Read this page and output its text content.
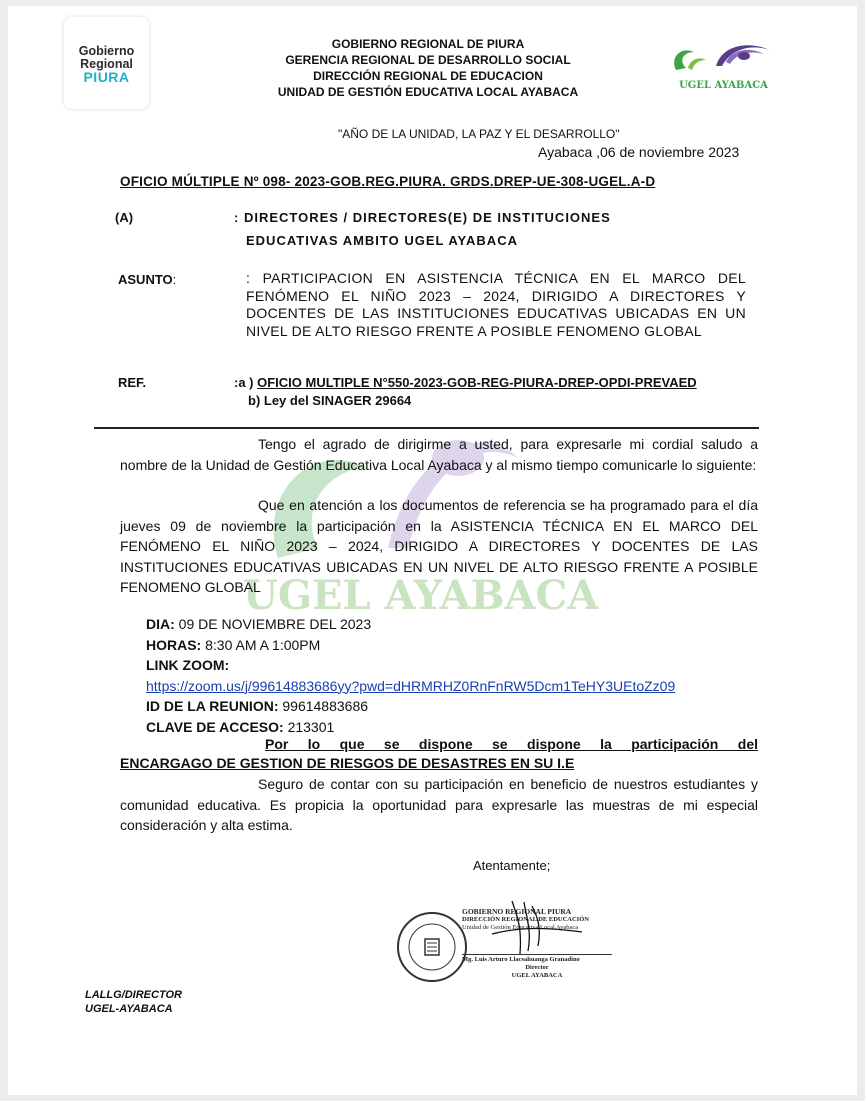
Gobierno
Regional
PIURA
GOBIERNO REGIONAL DE PIURA
GERENCIA REGIONAL DE DESARROLLO SOCIAL
DIRECCIÓN REGIONAL DE EDUCACION
UNIDAD DE GESTIÓN EDUCATIVA LOCAL AYABACA	UGEL AYABACA
"AÑO DE LA UNIDAD, LA PAZ Y EL DESARROLLO"
Ayabaca ,06 de noviembre 2023
OFICIO MÚLTIPLE Nº 098- 2023-GOB.REG.PIURA. GRDS.DREP-UE-308-UGEL.A-D
(A)	: DIRECTORES / DIRECTORES(E) DE INSTITUCIONES
EDUCATIVAS AMBITO UGEL AYABACA
ASUNTO:	: PARTICIPACION EN ASISTENCIA TÉCNICA EN EL MARCO DEL FENÓMENO EL NIÑO 2023 – 2024, DIRIGIDO A DIRECTORES Y DOCENTES DE LAS INSTITUCIONES EDUCATIVAS UBICADAS EN UN NIVEL DE ALTO RIESGO FRENTE A POSIBLE FENOMENO GLOBAL
REF.	:a ) OFICIO MULTIPLE N°550-2023-GOB-REG-PIURA-DREP-OPDI-PREVAED
b) Ley del SINAGER 29664
UGEL AYABACA
Tengo el agrado de dirigirme a usted, para expresarle mi cordial saludo a nombre de la Unidad de Gestión Educativa Local Ayabaca y al mismo tiempo comunicarle lo siguiente:
Que en atención a los documentos de referencia se ha programado para el día jueves 09 de noviembre la participación en la ASISTENCIA TÉCNICA EN EL MARCO DEL FENÓMENO EL NIÑO 2023 – 2024, DIRIGIDO A DIRECTORES Y DOCENTES DE LAS INSTITUCIONES EDUCATIVAS UBICADAS EN UN NIVEL DE ALTO RIESGO FRENTE A POSIBLE FENOMENO GLOBAL
DIA: 09 DE NOVIEMBRE DEL 2023
HORAS: 8:30 AM A 1:00PM
LINK ZOOM:
https://zoom.us/j/99614883686yy?pwd=dHRMRHZ0RnFnRW5Dcm1TeHY3UEtoZz09
ID DE LA REUNION: 99614883686
CLAVE DE ACCESO: 213301
Por lo que se dispone se dispone la participación del
ENCARGAGO DE GESTION DE RIESGOS DE DESASTRES EN SU I.E
Seguro de contar con su participación en beneficio de nuestros estudiantes y comunidad educativa. Es propicia la oportunidad para expresarle las muestras de mi especial consideración y alta estima.
Atentamente;
GOBIERNO REGIONAL PIURA
DIRECCIÓN REGIONAL DE EDUCACIÓN
Unidad de Gestión Educativa Local Ayabaca
Mg. Luis Arturo Llacsahuanga Granadino
Director
UGEL AYABACA
LALLG/DIRECTOR
UGEL-AYABACA
